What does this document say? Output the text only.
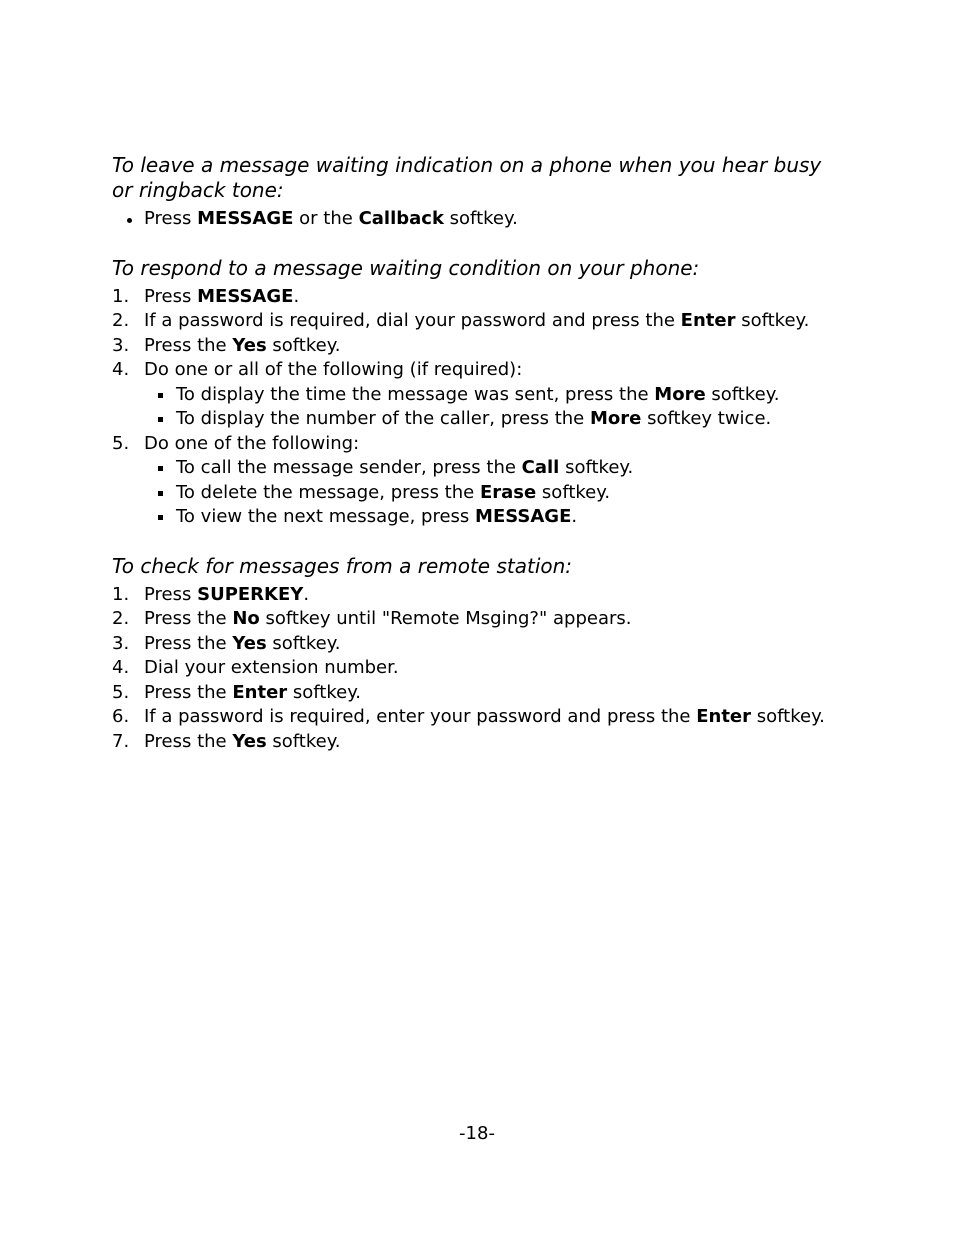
To leave a message waiting indication on a phone when you hear busy or ringback tone:

Press MESSAGE or the Callback softkey.

To respond to a message waiting condition on your phone:

1. Press MESSAGE.
2. If a password is required, dial your password and press the Enter softkey.
3. Press the Yes softkey.
4. Do one or all of the following (if required):
To display the time the message was sent, press the More softkey.
To display the number of the caller, press the More softkey twice.
5. Do one of the following:
To call the message sender, press the Call softkey.
To delete the message, press the Erase softkey.
To view the next message, press MESSAGE.

To check for messages from a remote station:

1. Press SUPERKEY.
2. Press the No softkey until "Remote Msging?" appears.
3. Press the Yes softkey.
4. Dial your extension number.
5. Press the Enter softkey.
6. If a password is required, enter your password and press the Enter softkey.
7. Press the Yes softkey.
-18-
